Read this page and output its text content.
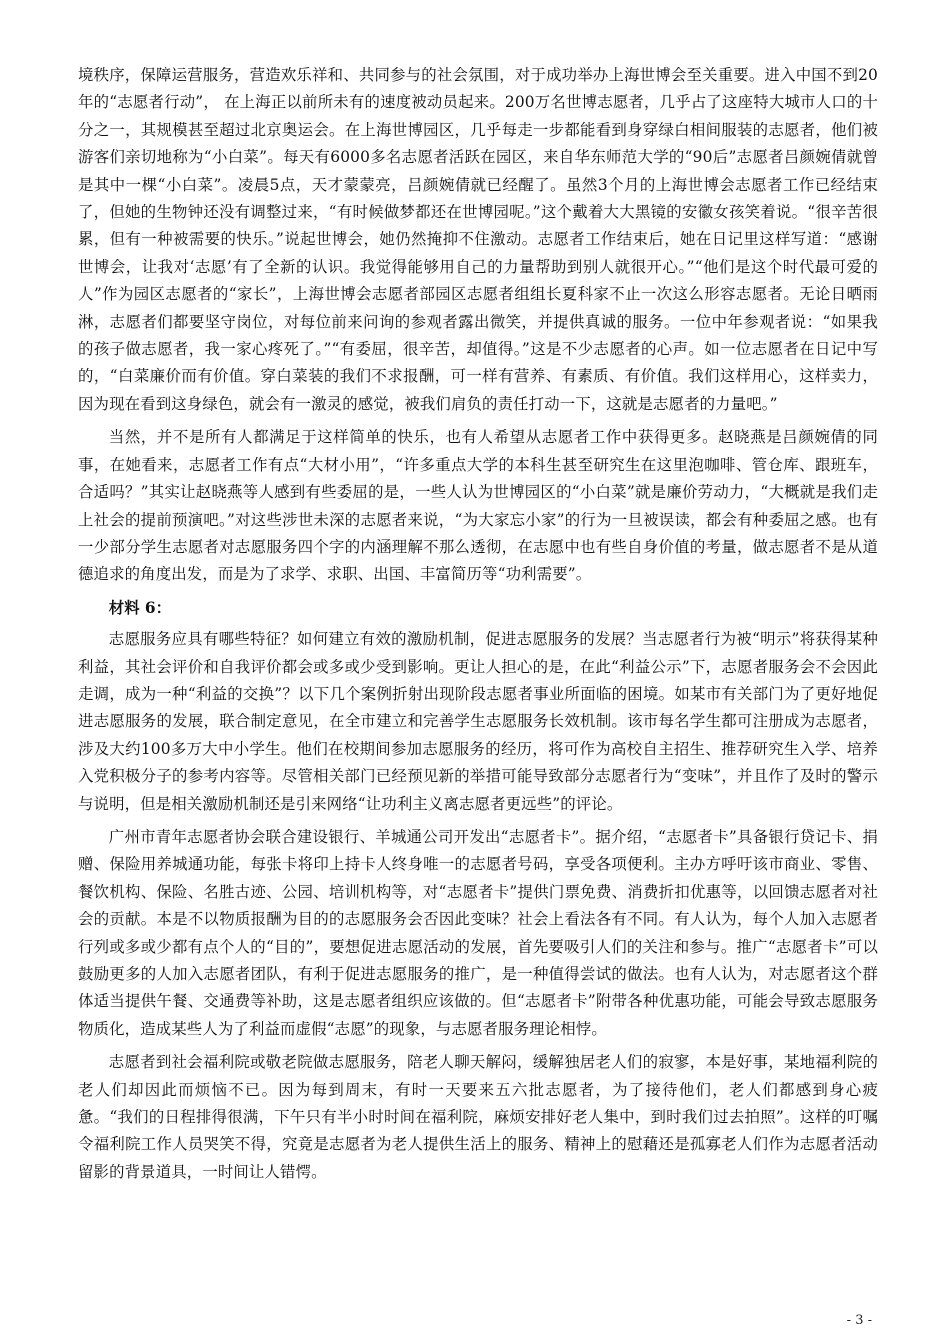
境秩序，保障运营服务，营造欢乐祥和、共同参与的社会氛围，对于成功举办上海世博会至关重要。进入中国不到20年的“志愿者行动”， 在上海正以前所未有的速度被动员起来。200万名世博志愿者，几乎占了这座特大城市人口的十分之一，其规模甚至超过北京奥运会。在上海世博园区，几乎每走一步都能看到身穿绿白相间服装的志愿者，他们被游客们亲切地称为“小白菜”。每天有6000多名志愿者活跃在园区，来自华东师范大学的“90后”志愿者吕颜婉倩就曾是其中一棵“小白菜”。凌晨5点，天才蒙蒙亮，吕颜婉倩就已经醒了。虽然3个月的上海世博会志愿者工作已经结束了，但她的生物钟还没有调整过来，“有时候做梦都还在世博园呢。”这个戴着大大黑镜的安徽女孩笑着说。“很辛苦很累，但有一种被需要的快乐。”说起世博会，她仍然掩抑不住激动。志愿者工作结束后，她在日记里这样写道：“感谢世博会，让我对‘志愿’有了全新的认识。我觉得能够用自己的力量帮助到别人就很开心。”“他们是这个时代最可爱的人”作为园区志愿者的“家长”，上海世博会志愿者部园区志愿者组组长夏科家不止一次这么形容志愿者。无论日晒雨淋，志愿者们都要坚守岗位，对每位前来问询的参观者露出微笑，并提供真诚的服务。一位中年参观者说：“如果我的孩子做志愿者，我一家心疼死了。”“有委屈，很辛苦，却值得。”这是不少志愿者的心声。如一位志愿者在日记中写的，“白菜廉价而有价值。穿白菜装的我们不求报酬，可一样有营养、有素质、有价值。我们这样用心，这样卖力，因为现在看到这身绿色，就会有一激灵的感觉，被我们肩负的责任打动一下，这就是志愿者的力量吧。”

当然，并不是所有人都满足于这样简单的快乐，也有人希望从志愿者工作中获得更多。赵晓燕是吕颜婉倩的同事，在她看来，志愿者工作有点“大材小用”，“许多重点大学的本科生甚至研究生在这里泡咖啡、管仓库、跟班车，合适吗？”其实让赵晓燕等人感到有些委屈的是，一些人认为世博园区的“小白菜”就是廉价劳动力，“大概就是我们走上社会的提前预演吧。”对这些涉世未深的志愿者来说，“为大家忘小家”的行为一旦被误读，都会有种委屈之感。也有一少部分学生志愿者对志愿服务四个字的内涵理解不那么透彻，在志愿中也有些自身价值的考量，做志愿者不是从道德追求的角度出发，而是为了求学、求职、出国、丰富简历等“功利需要”。

材料 6：

志愿服务应具有哪些特征？如何建立有效的激励机制，促进志愿服务的发展？当志愿者行为被“明示”将获得某种利益，其社会评价和自我评价都会或多或少受到影响。更让人担心的是，在此“利益公示”下，志愿者服务会不会因此走调，成为一种“利益的交换”？以下几个案例折射出现阶段志愿者事业所面临的困境。如某市有关部门为了更好地促进志愿服务的发展，联合制定意见，在全市建立和完善学生志愿服务长效机制。该市每名学生都可注册成为志愿者，涉及大约100多万大中小学生。他们在校期间参加志愿服务的经历，将可作为高校自主招生、推荐研究生入学、培养入党积极分子的参考内容等。尽管相关部门已经预见新的举措可能导致部分志愿者行为“变味”，并且作了及时的警示与说明，但是相关激励机制还是引来网络“让功利主义离志愿者更远些”的评论。

广州市青年志愿者协会联合建设银行、羊城通公司开发出“志愿者卡”。据介绍，“志愿者卡”具备银行贷记卡、捐赠、保险用养城通功能，每张卡将印上持卡人终身唯一的志愿者号码，享受各项便利。主办方呼吁该市商业、零售、餐饮机构、保险、名胜古迹、公园、培训机构等，对“志愿者卡”提供门票免费、消费折扣优惠等，以回馈志愿者对社会的贡献。本是不以物质报酬为目的的志愿服务会否因此变味？社会上看法各有不同。有人认为，每个人加入志愿者行列或多或少都有点个人的“目的”，要想促进志愿活动的发展，首先要吸引人们的关注和参与。推广“志愿者卡”可以鼓励更多的人加入志愿者团队，有利于促进志愿服务的推广，是一种值得尝试的做法。也有人认为，对志愿者这个群体适当提供午餐、交通费等补助，这是志愿者组织应该做的。但“志愿者卡”附带各种优惠功能，可能会导致志愿服务物质化，造成某些人为了利益而虚假“志愿”的现象，与志愿者服务理论相悖。

志愿者到社会福利院或敬老院做志愿服务，陪老人聊天解闷，缓解独居老人们的寂寥，本是好事，某地福利院的老人们却因此而烦恼不已。因为每到周末，有时一天要来五六批志愿者，为了接待他们，老人们都感到身心疲惫。“我们的日程排得很满，下午只有半小时时间在福利院，麻烦安排好老人集中，到时我们过去拍照”。这样的叮嘱令福利院工作人员哭笑不得，究竟是志愿者为老人提供生活上的服务、精神上的慰藉还是孤寡老人们作为志愿者活动留影的背景道具，一时间让人错愕。

- 3 -
